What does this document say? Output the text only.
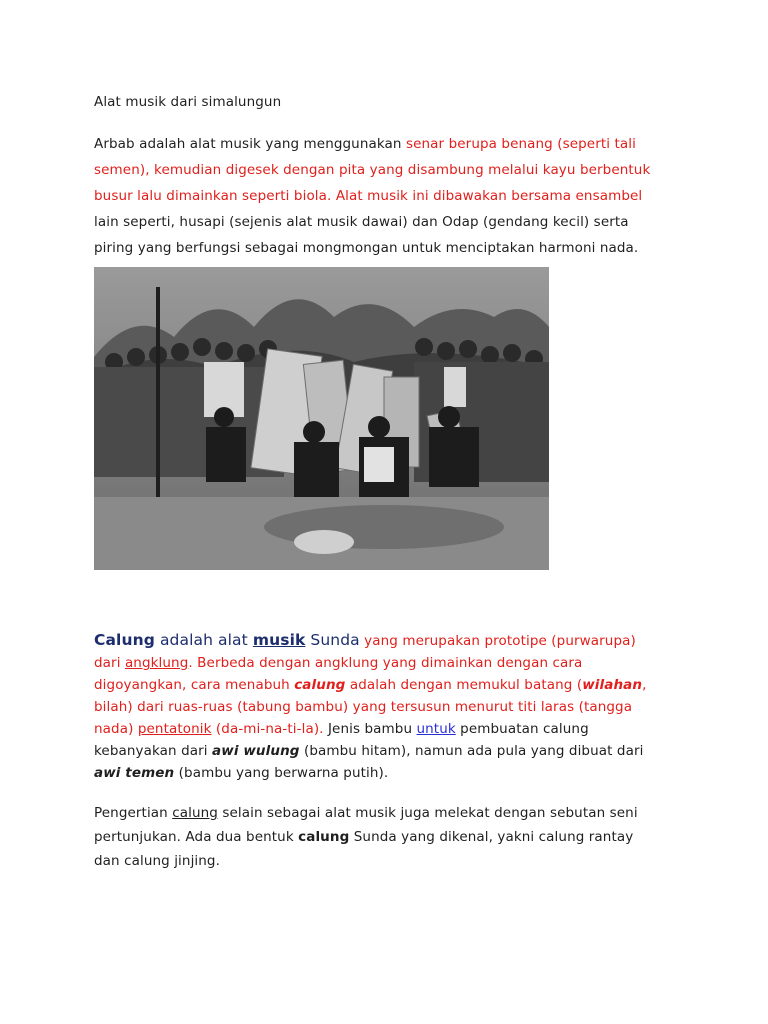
Alat musik dari simalungun
Arbab adalah alat musik yang menggunakan senar berupa benang (seperti tali semen), kemudian digesek dengan pita yang disambung melalui kayu berbentuk busur lalu dimainkan seperti biola. Alat musik ini dibawakan bersama ensambel lain seperti, husapi (sejenis alat musik dawai) dan Odap (gendang kecil) serta piring yang berfungsi sebagai mongmongan untuk menciptakan harmoni nada.
Calung adalah alat musik Sunda yang merupakan prototipe (purwarupa) dari angklung. Berbeda dengan angklung yang dimainkan dengan cara digoyangkan, cara menabuh calung adalah dengan memukul batang (wilahan, bilah) dari ruas-ruas (tabung bambu) yang tersusun menurut titi laras (tangga nada) pentatonik (da-mi-na-ti-la). Jenis bambu untuk pembuatan calung kebanyakan dari awi wulung (bambu hitam), namun ada pula yang dibuat dari awi temen (bambu yang berwarna putih).
Pengertian calung selain sebagai alat musik juga melekat dengan sebutan seni pertunjukan. Ada dua bentuk calung Sunda yang dikenal, yakni calung rantay dan calung jinjing.
